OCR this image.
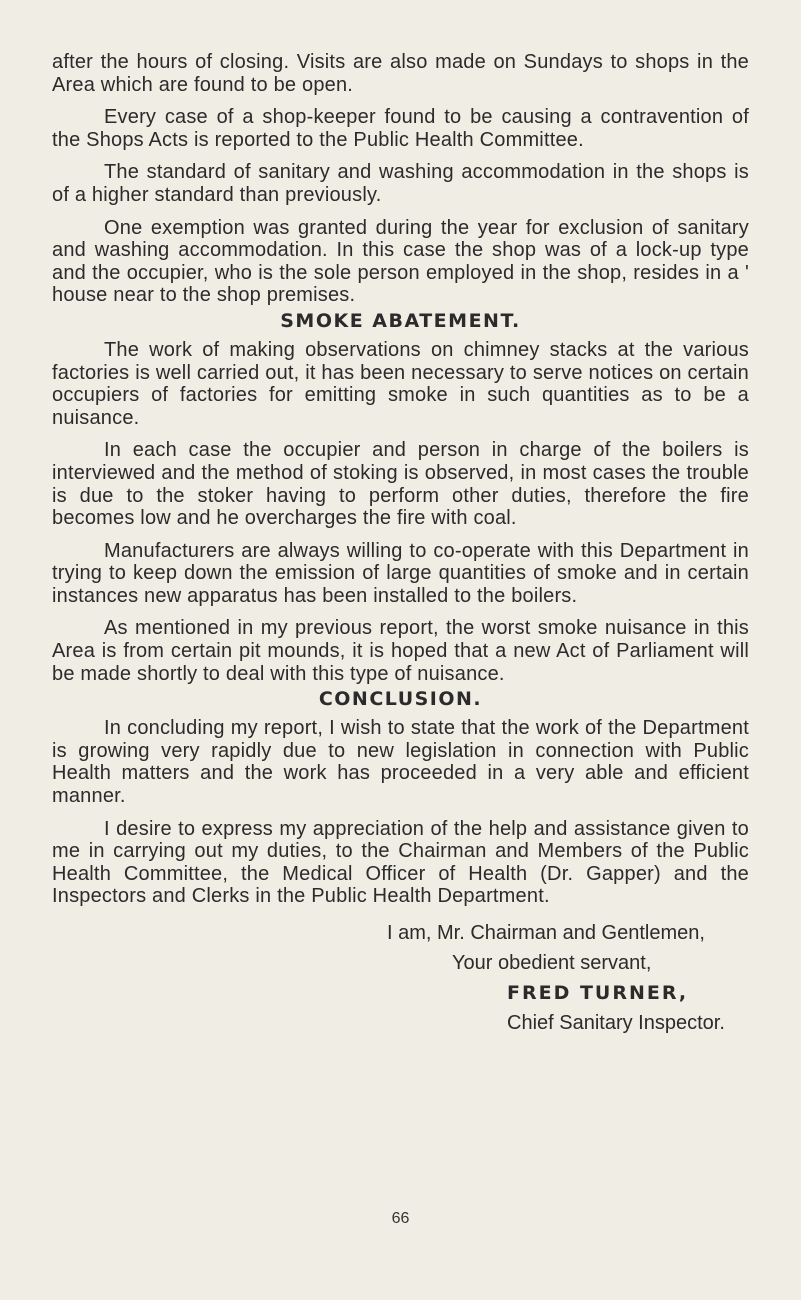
after the hours of closing. Visits are also made on Sundays to shops in the Area which are found to be open.

Every case of a shop-keeper found to be causing a contravention of the Shops Acts is reported to the Public Health Committee.

The standard of sanitary and washing accommodation in the shops is of a higher standard than previously.

One exemption was granted during the year for exclusion of sanitary and washing accommodation. In this case the shop was of a lock-up type and the occupier, who is the sole person employed in the shop, resides in a ' house near to the shop premises.

SMOKE ABATEMENT.

The work of making observations on chimney stacks at the various factories is well carried out, it has been necessary to serve notices on certain occupiers of factories for emitting smoke in such quantities as to be a nuisance.

In each case the occupier and person in charge of the boilers is interviewed and the method of stoking is observed, in most cases the trouble is due to the stoker having to perform other duties, therefore the fire becomes low and he overcharges the fire with coal.

Manufacturers are always willing to co-operate with this Department in trying to keep down the emission of large quantities of smoke and in certain instances new apparatus has been installed to the boilers.

As mentioned in my previous report, the worst smoke nuisance in this Area is from certain pit mounds, it is hoped that a new Act of Parliament will be made shortly to deal with this type of nuisance.

CONCLUSION.

In concluding my report, I wish to state that the work of the Department is growing very rapidly due to new legislation in connection with Public Health matters and the work has proceeded in a very able and efficient manner.

I desire to express my appreciation of the help and assistance given to me in carrying out my duties, to the Chairman and Members of the Public Health Committee, the Medical Officer of Health (Dr. Gapper) and the Inspectors and Clerks in the Public Health Department.

I am, Mr. Chairman and Gentlemen,
Your obedient servant,
FRED TURNER,
Chief Sanitary Inspector.
66
